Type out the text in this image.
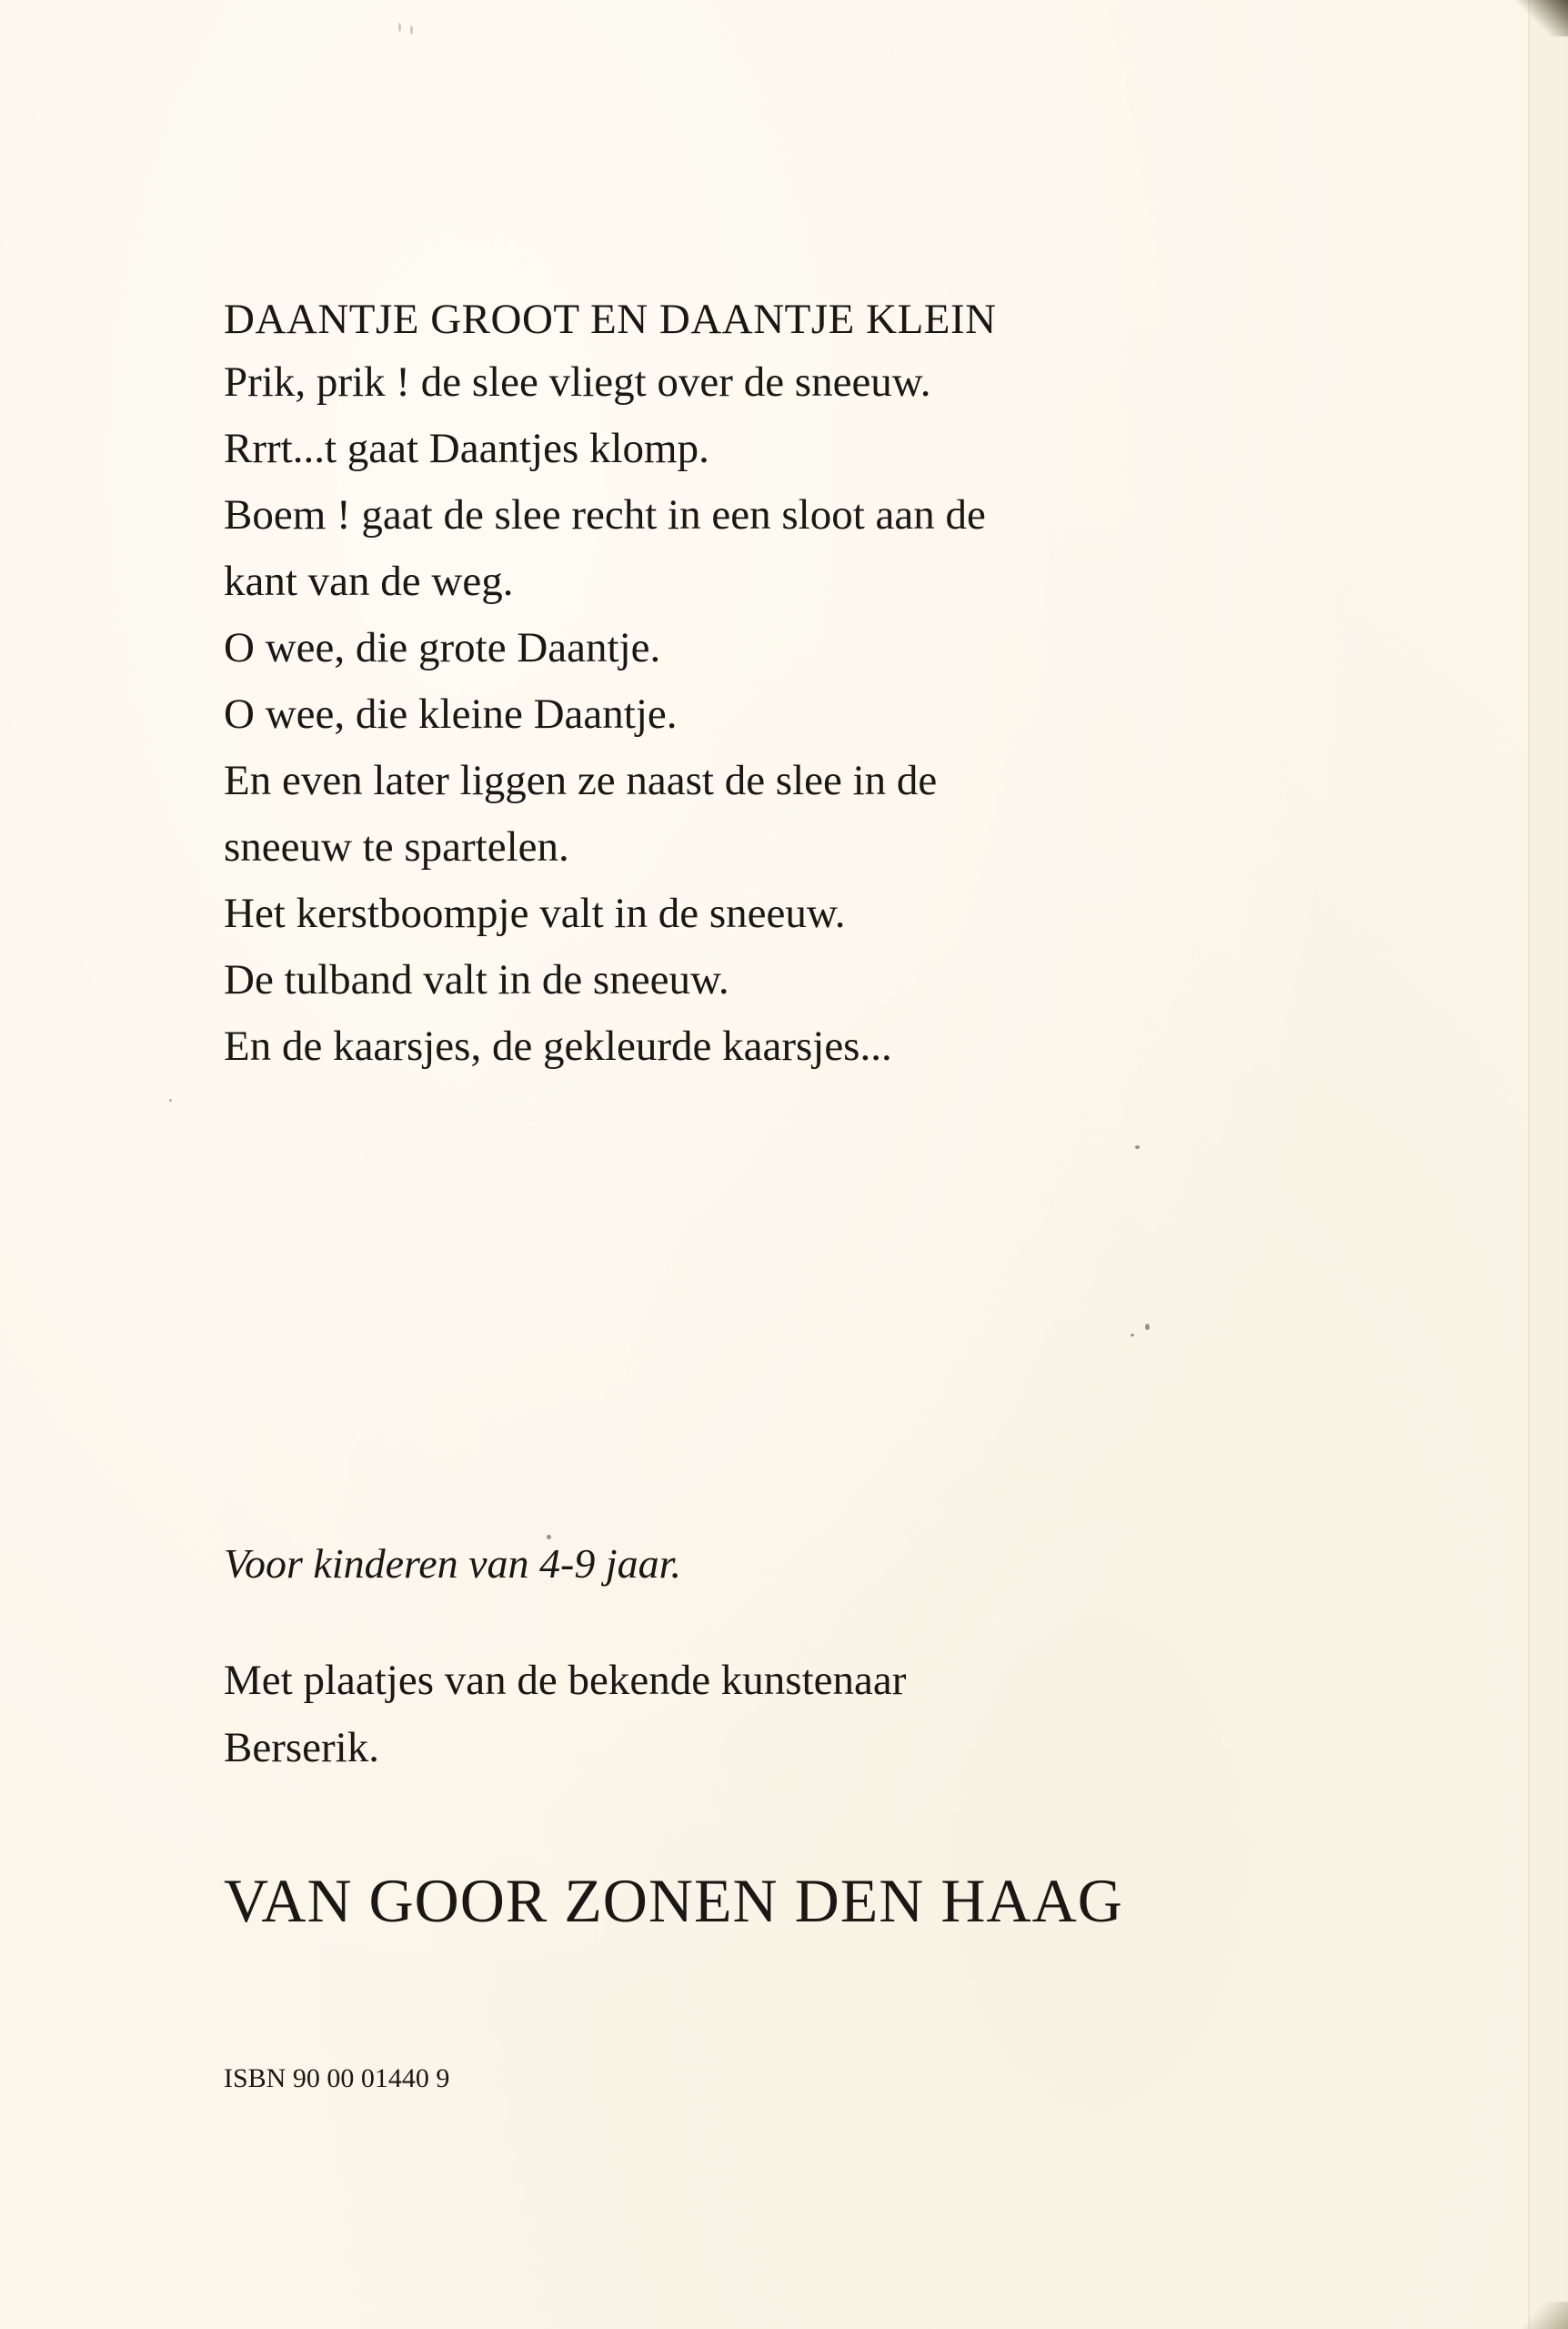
DAANTJE GROOT EN DAANTJE KLEIN

Prik, prik ! de slee vliegt over de sneeuw.

Rrrt...t gaat Daantjes klomp.

Boem ! gaat de slee recht in een sloot aan de

kant van de weg.

O wee, die grote Daantje.

O wee, die kleine Daantje.

En even later liggen ze naast de slee in de

sneeuw te spartelen.

Het kerstboompje valt in de sneeuw.

De tulband valt in de sneeuw.

En de kaarsjes, de gekleurde kaarsjes...

Voor kinderen van 4-9 jaar.

Met plaatjes van de bekende kunstenaar
Berserik.

VAN GOOR ZONEN DEN HAAG

ISBN 90 00 01440 9
